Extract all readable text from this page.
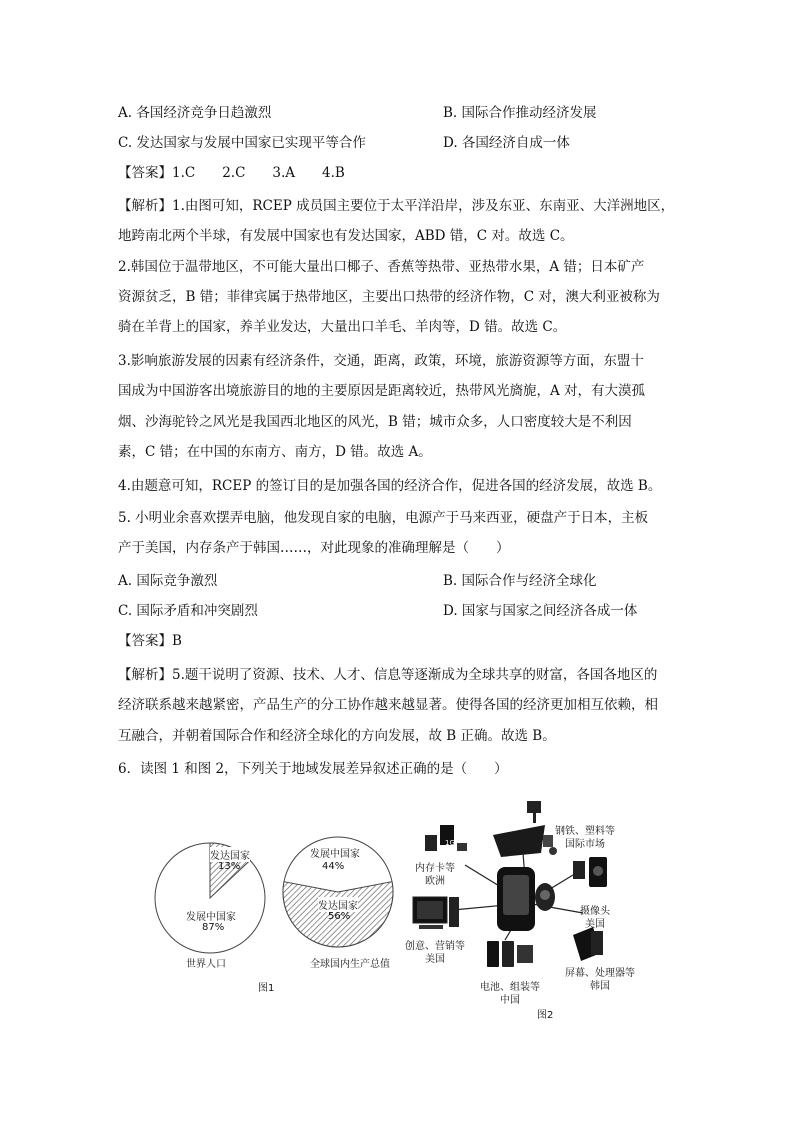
A. 各国经济竞争日趋激烈	B. 国际合作推动经济发展
C. 发达国家与发展中国家已实现平等合作	D. 各国经济自成一体
【答案】1.C　　2.C　　3.A　　4.B
【解析】1.由图可知，RCEP 成员国主要位于太平洋沿岸，涉及东亚、东南亚、大洋洲地区，
地跨南北两个半球，有发展中国家也有发达国家，ABD 错，C 对。故选 C。
2.韩国位于温带地区，不可能大量出口椰子、香蕉等热带、亚热带水果，A 错；日本矿产
资源贫乏，B 错；菲律宾属于热带地区，主要出口热带的经济作物，C 对，澳大利亚被称为
骑在羊背上的国家，养羊业发达，大量出口羊毛、羊肉等，D 错。故选 C。
3.影响旅游发展的因素有经济条件，交通，距离，政策，环境，旅游资源等方面，东盟十
国成为中国游客出境旅游目的地的主要原因是距离较近，热带风光旖旎，A 对，有大漠孤
烟、沙海驼铃之风光是我国西北地区的风光，B 错；城市众多，人口密度较大是不利因
素，C 错；在中国的东南方、南方，D 错。故选 A。
4.由题意可知，RCEP 的签订目的是加强各国的经济合作，促进各国的经济发展，故选 B。
5. 小明业余喜欢摆弄电脑，他发现自家的电脑，电源产于马来西亚，硬盘产于日本，主板
产于美国，内存条产于韩国……，对此现象的准确理解是（　　）
A. 国际竞争激烈	B. 国际合作与经济全球化
C. 国际矛盾和冲突剧烈	D. 国家与国家之间经济各成一体
【答案】B
【解析】5.题干说明了资源、技术、人才、信息等逐渐成为全球共享的财富，各国各地区的
经济联系越来越紧密，产品生产的分工协作越来越显著。使得各国的经济更加相互依赖，相
互融合，并朝着国际合作和经济全球化的方向发展，故 B 正确。故选 B。
6．读图 1 和图 2，下列关于地域发展差异叙述正确的是（　　）
发达国家
13%
发展中国家
87%
世界人口
发展中国家
44%
发达国家
56%
全球国内生产总值
图1
1G
钢铁、塑料等
国际市场
内存卡等
欧洲
摄像头
美国
创意、营销等
美国
屏幕、处理器等
韩国
电池、组装等
中国
图2
